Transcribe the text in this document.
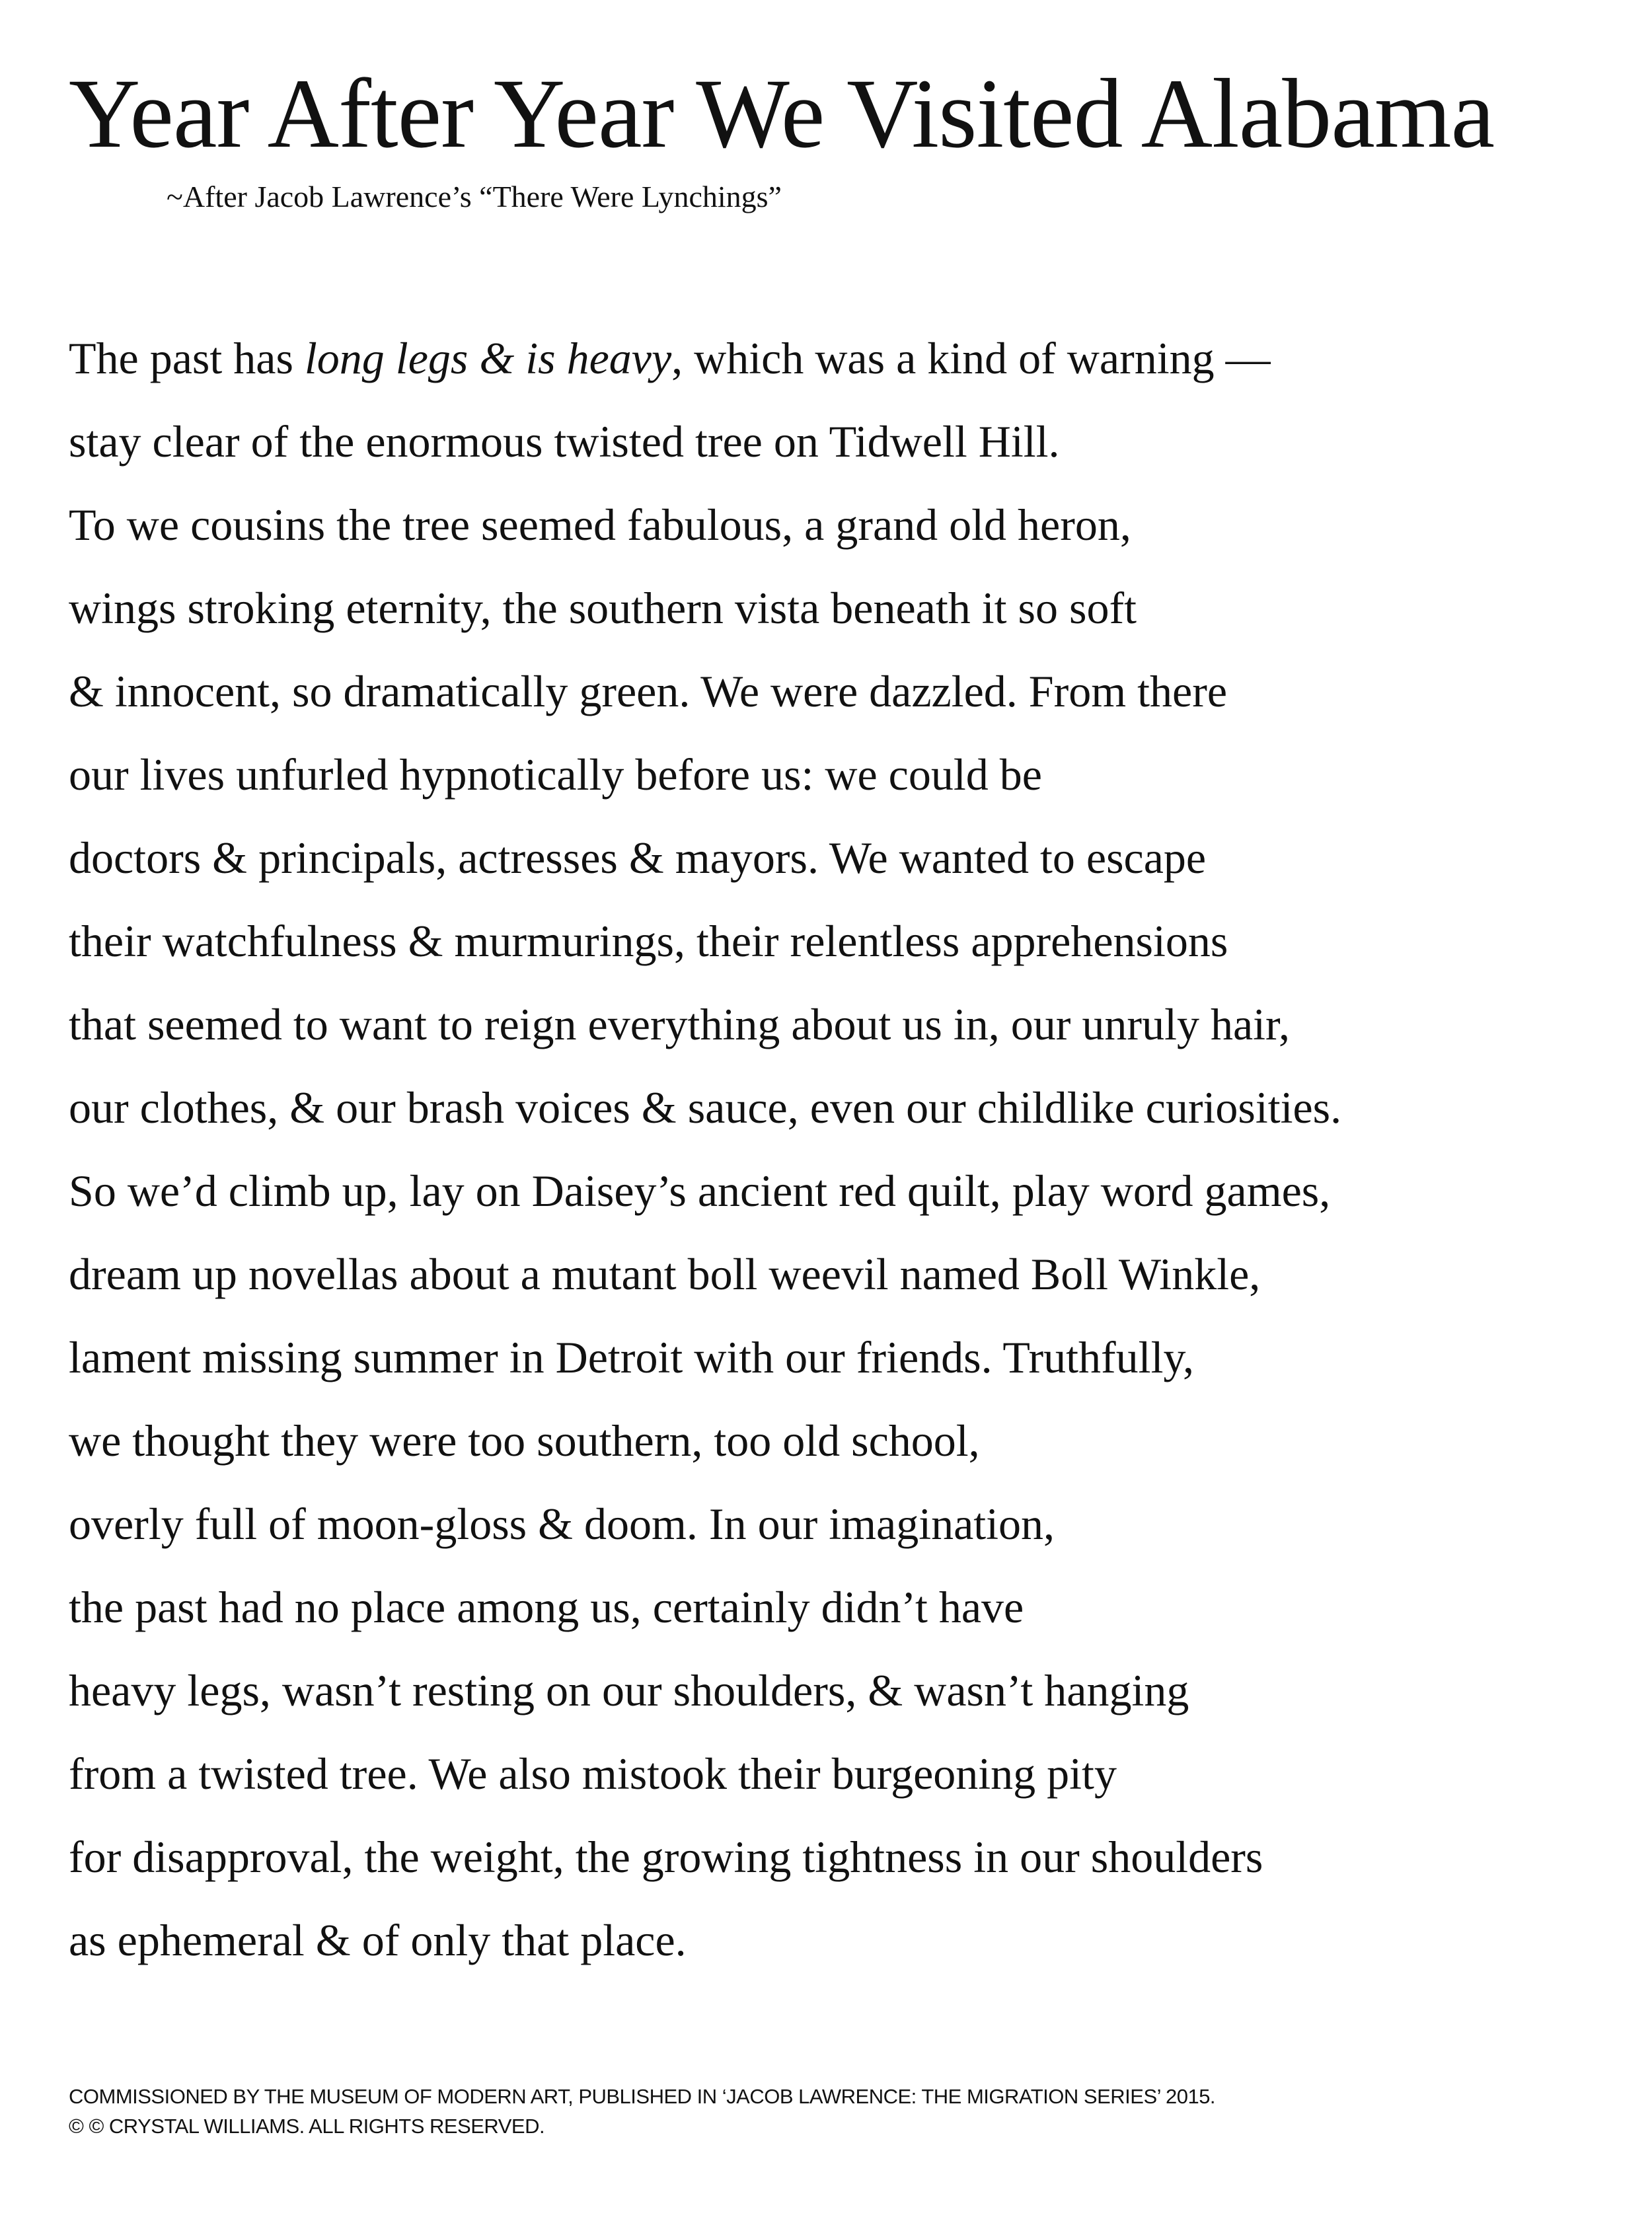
Year After Year We Visited Alabama

~After Jacob Lawrence’s “There Were Lynchings”

The past has long legs & is heavy, which was a kind of warning —
stay clear of the enormous twisted tree on Tidwell Hill.
To we cousins the tree seemed fabulous, a grand old heron,
wings stroking eternity, the southern vista beneath it so soft
& innocent, so dramatically green. We were dazzled. From there
our lives unfurled hypnotically before us: we could be
doctors & principals, actresses & mayors. We wanted to escape
their watchfulness & murmurings, their relentless apprehensions
that seemed to want to reign everything about us in, our unruly hair,
our clothes, & our brash voices & sauce, even our childlike curiosities.
So we’d climb up, lay on Daisey’s ancient red quilt, play word games,
dream up novellas about a mutant boll weevil named Boll Winkle,
lament missing summer in Detroit with our friends. Truthfully,
we thought they were too southern, too old school,
overly full of moon-gloss & doom. In our imagination,
the past had no place among us, certainly didn’t have
heavy legs, wasn’t resting on our shoulders, & wasn’t hanging
from a twisted tree. We also mistook their burgeoning pity
for disapproval, the weight, the growing tightness in our shoulders
as ephemeral & of only that place.
COMMISSIONED BY THE MUSEUM OF MODERN ART, PUBLISHED IN ‘JACOB LAWRENCE: THE MIGRATION SERIES’ 2015.
© © CRYSTAL WILLIAMS. ALL RIGHTS RESERVED.
